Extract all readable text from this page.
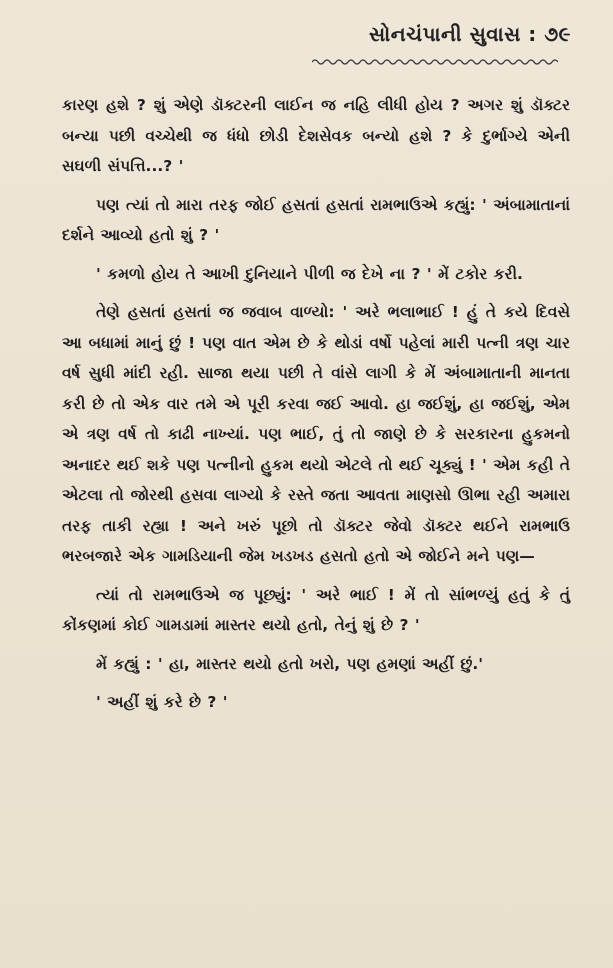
સોનચંપાની સુવાસ : ૭૯

કારણ હશે ? શું એણે ડૉક્ટરની લાઈન જ નહિ લીધી હોય ? અગર શું ડૉક્ટર બન્યા પછી વચ્ચેથી જ ધંધો છોડી દેશસેવક બન્યો હશે ? કે દુર્ભાગ્યે એની સઘળી સંપત્તિ...? '

પણ ત્યાં તો મારા તરફ જોઈ હસતાં હસતાં રામભાઉએ કહ્યું: ' અંબામાતાનાં દર્શને આવ્યો હતો શું ? '

' કમળો હોય તે આખી દુનિયાને પીળી જ દેખે ના ? ' મેં ટકોર કરી.

તેણે હસતાં હસતાં જ જવાબ વાળ્યો: ' અરે ભલાભાઈ ! હું તે કયે દિવસે આ બધામાં માનું છું ! પણ વાત એમ છે કે થોડાં વર્ષો પહેલાં મારી પત્ની ત્રણ ચાર વર્ષ સુધી માંદી રહી. સાજા થયા પછી તે વાંસે લાગી કે મેં અંબામાતાની માનતા કરી છે તો એક વાર તમે એ પૂરી કરવા જઈ આવો. હા જઈશું, હા જઈશું, એમ એ ત્રણ વર્ષ તો કાઢી નાખ્યાં. પણ ભાઈ, તું તો જાણે છે કે સરકારના હુકમનો અનાદર થઈ શકે પણ પત્નીનો હુકમ થયો એટલે તો થઈ ચૂક્યું ! ' એમ કહી તે એટલા તો જોરથી હસવા લાગ્યો કે રસ્તે જતા આવતા માણસો ઊભા રહી અમારા તરફ તાકી રહ્યા ! અને ખરું પૂછો તો ડૉક્ટર જેવો ડૉક્ટર થઈને રામભાઉ ભરબજારે એક ગામડિયાની જેમ ખડખડ હસતો હતો એ જોઈને મને પણ—

ત્યાં તો રામભાઉએ જ પૂછ્યું: ' અરે ભાઈ ! મેં તો સાંભળ્યું હતું કે તું કોંકણમાં કોઈ ગામડામાં માસ્તર થયો હતો, તેનું શું છે ? '

મેં કહ્યું : ' હા, માસ્તર થયો હતો ખરો, પણ હમણાં અહીં છું.'

' અહીં શું કરે છે ? '
